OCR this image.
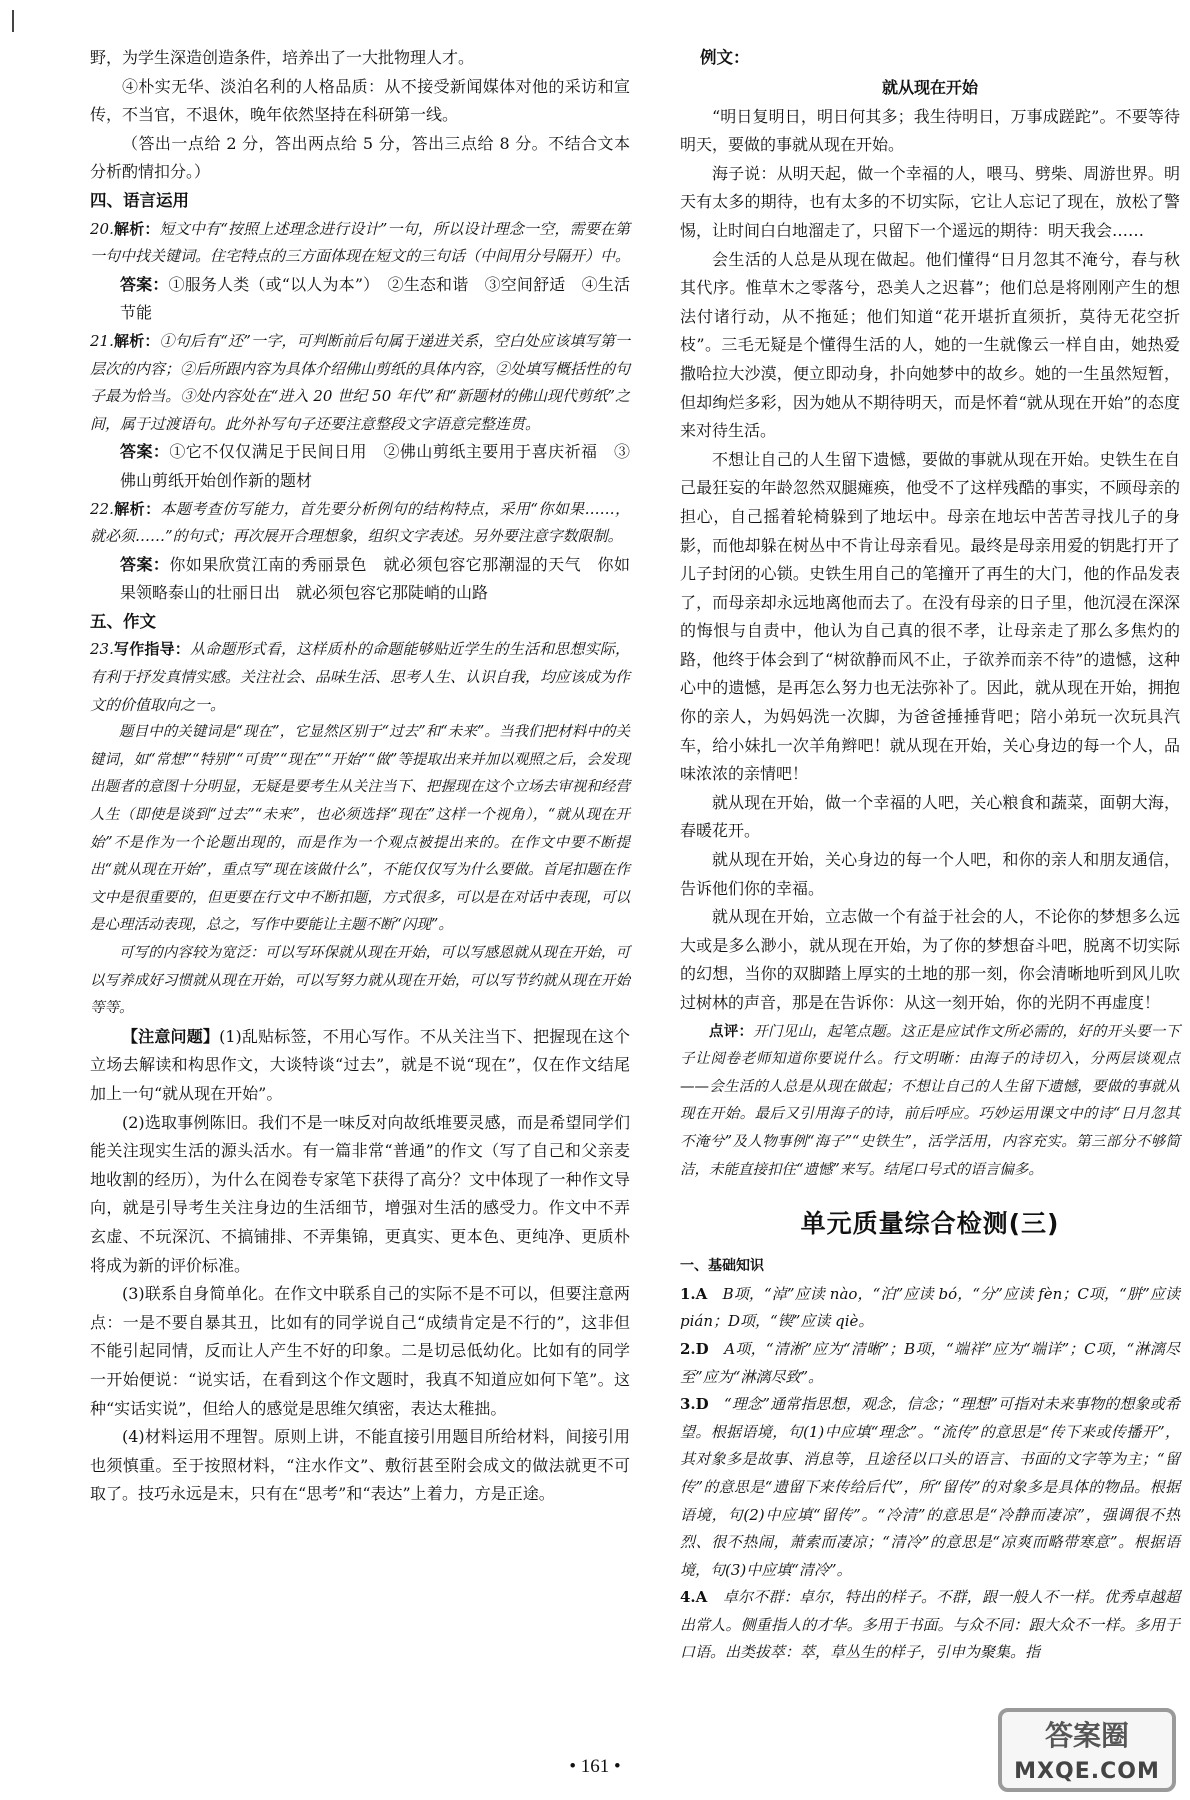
野，为学生深造创造条件，培养出了一大批物理人才。

④朴实无华、淡泊名利的人格品质：从不接受新闻媒体对他的采访和宣传，不当官，不退休，晚年依然坚持在科研第一线。

（答出一点给 2 分，答出两点给 5 分，答出三点给 8 分。不结合文本分析酌情扣分。）

四、语言运用

20.解析：短文中有“按照上述理念进行设计”一句，所以设计理念一空，需要在第一句中找关键词。住宅特点的三方面体现在短文的三句话（中间用分号隔开）中。

答案：①服务人类（或“以人为本”）　②生态和谐　③空间舒适　④生活节能

21.解析：①句后有“还”一字，可判断前后句属于递进关系，空白处应该填写第一层次的内容；②后所跟内容为具体介绍佛山剪纸的具体内容，②处填写概括性的句子最为恰当。③处内容处在“进入 20 世纪 50 年代”和“新题材的佛山现代剪纸”之间，属于过渡语句。此外补写句子还要注意整段文字语意完整连贯。

答案：①它不仅仅满足于民间日用　②佛山剪纸主要用于喜庆祈福　③佛山剪纸开始创作新的题材

22.解析：本题考查仿写能力，首先要分析例句的结构特点，采用“你如果……，就必须……”的句式；再次展开合理想象，组织文字表述。另外要注意字数限制。

答案：你如果欣赏江南的秀丽景色　就必须包容它那潮湿的天气　你如果领略泰山的壮丽日出　就必须包容它那陡峭的山路

五、作文

23.写作指导：从命题形式看，这样质朴的命题能够贴近学生的生活和思想实际，有利于抒发真情实感。关注社会、品味生活、思考人生、认识自我，均应该成为作文的价值取向之一。

题目中的关键词是“现在”，它显然区别于“过去”和“未来”。当我们把材料中的关键词，如“常想”“特别”“可贵”“现在”“开始”“做”等提取出来并加以观照之后，会发现出题者的意图十分明显，无疑是要考生从关注当下、把握现在这个立场去审视和经营人生（即使是谈到“过去”“未来”，也必须选择“现在”这样一个视角），“就从现在开始”不是作为一个论题出现的，而是作为一个观点被提出来的。在作文中要不断提出“就从现在开始”，重点写“现在该做什么”，不能仅仅写为什么要做。首尾扣题在作文中是很重要的，但更要在行文中不断扣题，方式很多，可以是在对话中表现，可以是心理活动表现，总之，写作中要能让主题不断“闪现”。

可写的内容较为宽泛：可以写环保就从现在开始，可以写感恩就从现在开始，可以写养成好习惯就从现在开始，可以写努力就从现在开始，可以写节约就从现在开始等等。

【注意问题】(1)乱贴标签，不用心写作。不从关注当下、把握现在这个立场去解读和构思作文，大谈特谈“过去”，就是不说“现在”，仅在作文结尾加上一句“就从现在开始”。

(2)选取事例陈旧。我们不是一味反对向故纸堆要灵感，而是希望同学们能关注现实生活的源头活水。有一篇非常“普通”的作文（写了自己和父亲麦地收割的经历），为什么在阅卷专家笔下获得了高分？文中体现了一种作文导向，就是引导考生关注身边的生活细节，增强对生活的感受力。作文中不弄玄虚、不玩深沉、不搞铺排、不弄集锦，更真实、更本色、更纯净、更质朴将成为新的评价标准。

(3)联系自身简单化。在作文中联系自己的实际不是不可以，但要注意两点：一是不要自暴其丑，比如有的同学说自己“成绩肯定是不行的”，这非但不能引起同情，反而让人产生不好的印象。二是切忌低幼化。比如有的同学一开始便说：“说实话，在看到这个作文题时，我真不知道应如何下笔”。这种“实话实说”，但给人的感觉是思维欠缜密，表达太稚拙。

(4)材料运用不理智。原则上讲，不能直接引用题目所给材料，间接引用也须慎重。至于按照材料，“注水作文”、敷衍甚至附会成文的做法就更不可取了。技巧永远是末，只有在“思考”和“表达”上着力，方是正途。

例文：

就从现在开始

“明日复明日，明日何其多；我生待明日，万事成蹉跎”。不要等待明天，要做的事就从现在开始。

海子说：从明天起，做一个幸福的人，喂马、劈柴、周游世界。明天有太多的期待，也有太多的不切实际，它让人忘记了现在，放松了警惕，让时间白白地溜走了，只留下一个遥远的期待：明天我会……

会生活的人总是从现在做起。他们懂得“日月忽其不淹兮，春与秋其代序。惟草木之零落兮，恐美人之迟暮”；他们总是将刚刚产生的想法付诸行动，从不拖延；他们知道“花开堪折直须折，莫待无花空折枝”。三毛无疑是个懂得生活的人，她的一生就像云一样自由，她热爱撒哈拉大沙漠，便立即动身，扑向她梦中的故乡。她的一生虽然短暂，但却绚烂多彩，因为她从不期待明天，而是怀着“就从现在开始”的态度来对待生活。

不想让自己的人生留下遗憾，要做的事就从现在开始。史铁生在自己最狂妄的年龄忽然双腿瘫痪，他受不了这样残酷的事实，不顾母亲的担心，自己摇着轮椅躲到了地坛中。母亲在地坛中苦苦寻找儿子的身影，而他却躲在树丛中不肯让母亲看见。最终是母亲用爱的钥匙打开了儿子封闭的心锁。史铁生用自己的笔撞开了再生的大门，他的作品发表了，而母亲却永远地离他而去了。在没有母亲的日子里，他沉浸在深深的悔恨与自责中，他认为自己真的很不孝，让母亲走了那么多焦灼的路，他终于体会到了“树欲静而风不止，子欲养而亲不待”的遗憾，这种心中的遗憾，是再怎么努力也无法弥补了。因此，就从现在开始，拥抱你的亲人，为妈妈洗一次脚，为爸爸捶捶背吧；陪小弟玩一次玩具汽车，给小妹扎一次羊角辫吧！就从现在开始，关心身边的每一个人，品味浓浓的亲情吧！

就从现在开始，做一个幸福的人吧，关心粮食和蔬菜，面朝大海，春暖花开。

就从现在开始，关心身边的每一个人吧，和你的亲人和朋友通信，告诉他们你的幸福。

就从现在开始，立志做一个有益于社会的人，不论你的梦想多么远大或是多么渺小，就从现在开始，为了你的梦想奋斗吧，脱离不切实际的幻想，当你的双脚踏上厚实的土地的那一刻，你会清晰地听到风儿吹过树林的声音，那是在告诉你：从这一刻开始，你的光阴不再虚度！

点评：开门见山，起笔点题。这正是应试作文所必需的，好的开头要一下子让阅卷老师知道你要说什么。行文明晰：由海子的诗切入，分两层谈观点——会生活的人总是从现在做起；不想让自己的人生留下遗憾，要做的事就从现在开始。最后又引用海子的诗，前后呼应。巧妙运用课文中的诗“日月忽其不淹兮”及人物事例“海子”“史铁生”，活学活用，内容充实。第三部分不够简洁，未能直接扣住“遗憾”来写。结尾口号式的语言偏多。

单元质量综合检测(三)

一、基础知识

1.A　 B项，“淖”应读 nào，“泊”应读 bó，“分”应读 fèn；C项，“胼”应读 pián；D项，“锲”应读 qiè。

2.D　 A项，“清淅”应为“清晰”；B项，“端祥”应为“端详”；C项，“淋漓尽至”应为“淋漓尽致”。

3.D　 “理念”通常指思想，观念，信念；“理想”可指对未来事物的想象或希望。根据语境，句(1)中应填“理念”。“流传”的意思是“传下来或传播开”，其对象多是故事、消息等，且途径以口头的语言、书面的文字等为主；“留传”的意思是“遗留下来传给后代”，所“留传”的对象多是具体的物品。根据语境，句(2)中应填“留传”。“冷清”的意思是“冷静而凄凉”，强调很不热烈、很不热闹，萧索而凄凉；“清冷”的意思是“凉爽而略带寒意”。根据语境，句(3)中应填“清冷”。

4.A　 卓尔不群：卓尔，特出的样子。不群，跟一般人不一样。优秀卓越超出常人。侧重指人的才华。多用于书面。与众不同：跟大众不一样。多用于口语。出类拔萃：萃，草丛生的样子，引申为聚集。指

• 161 •
答案圈
MXQE.COM
